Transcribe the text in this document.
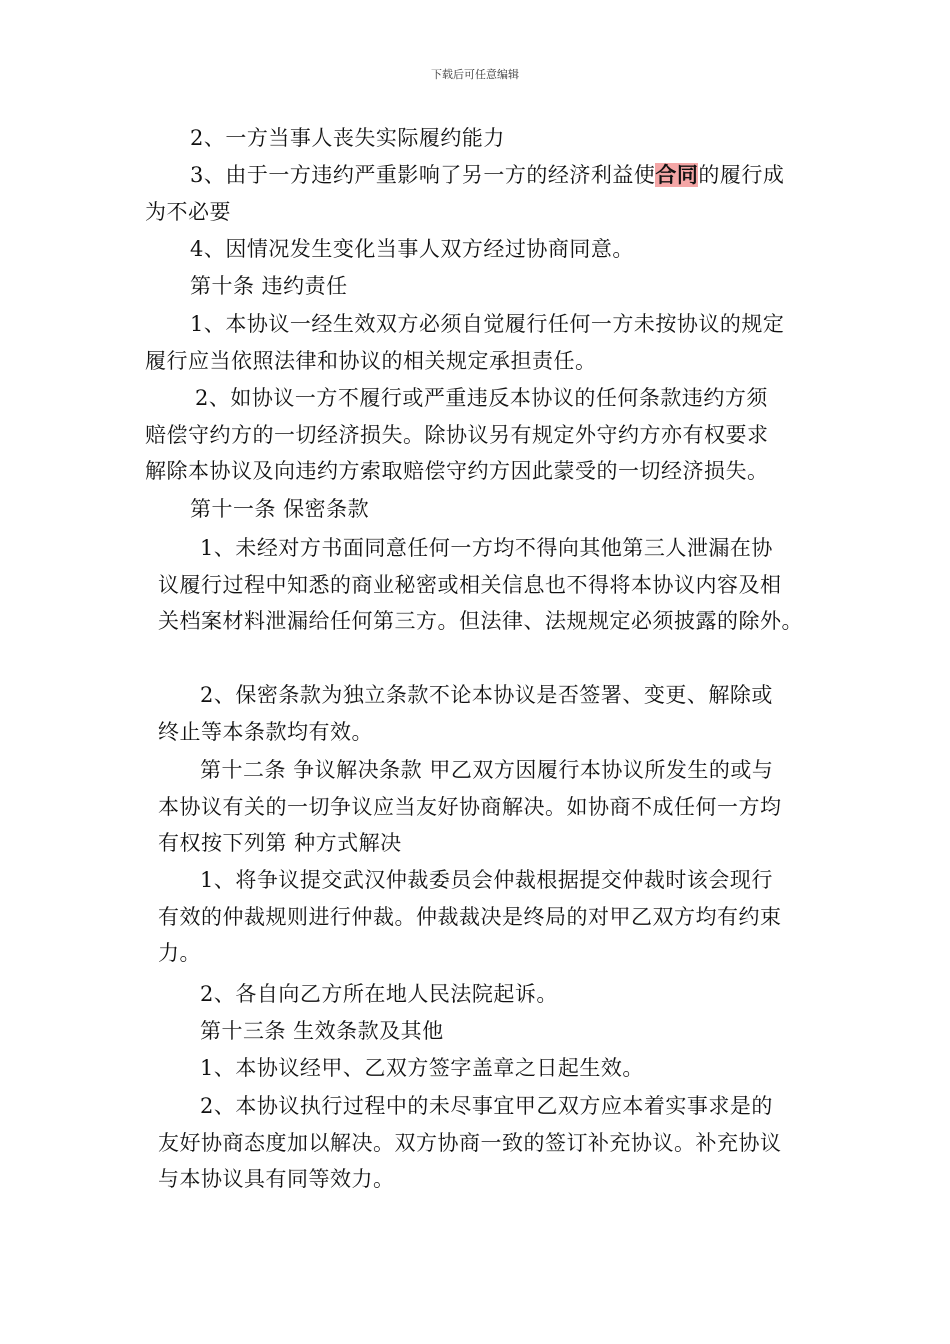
下载后可任意编辑
2、一方当事人丧失实际履约能力
3、由于一方违约严重影响了另一方的经济利益使合同的履行成
为不必要
4、因情况发生变化当事人双方经过协商同意。
第十条 违约责任
1、本协议一经生效双方必须自觉履行任何一方未按协议的规定
履行应当依照法律和协议的相关规定承担责任。
2、如协议一方不履行或严重违反本协议的任何条款违约方须
赔偿守约方的一切经济损失。除协议另有规定外守约方亦有权要求
解除本协议及向违约方索取赔偿守约方因此蒙受的一切经济损失。
第十一条 保密条款
1、未经对方书面同意任何一方均不得向其他第三人泄漏在协
议履行过程中知悉的商业秘密或相关信息也不得将本协议内容及相
关档案材料泄漏给任何第三方。但法律、法规规定必须披露的除外。
2、保密条款为独立条款不论本协议是否签署、变更、解除或
终止等本条款均有效。
第十二条 争议解决条款 甲乙双方因履行本协议所发生的或与
本协议有关的一切争议应当友好协商解决。如协商不成任何一方均
有权按下列第 种方式解决
1、将争议提交武汉仲裁委员会仲裁根据提交仲裁时该会现行
有效的仲裁规则进行仲裁。仲裁裁决是终局的对甲乙双方均有约束
力。
2、各自向乙方所在地人民法院起诉。
第十三条 生效条款及其他
1、本协议经甲、乙双方签字盖章之日起生效。
2、本协议执行过程中的未尽事宜甲乙双方应本着实事求是的
友好协商态度加以解决。双方协商一致的签订补充协议。补充协议
与本协议具有同等效力。
